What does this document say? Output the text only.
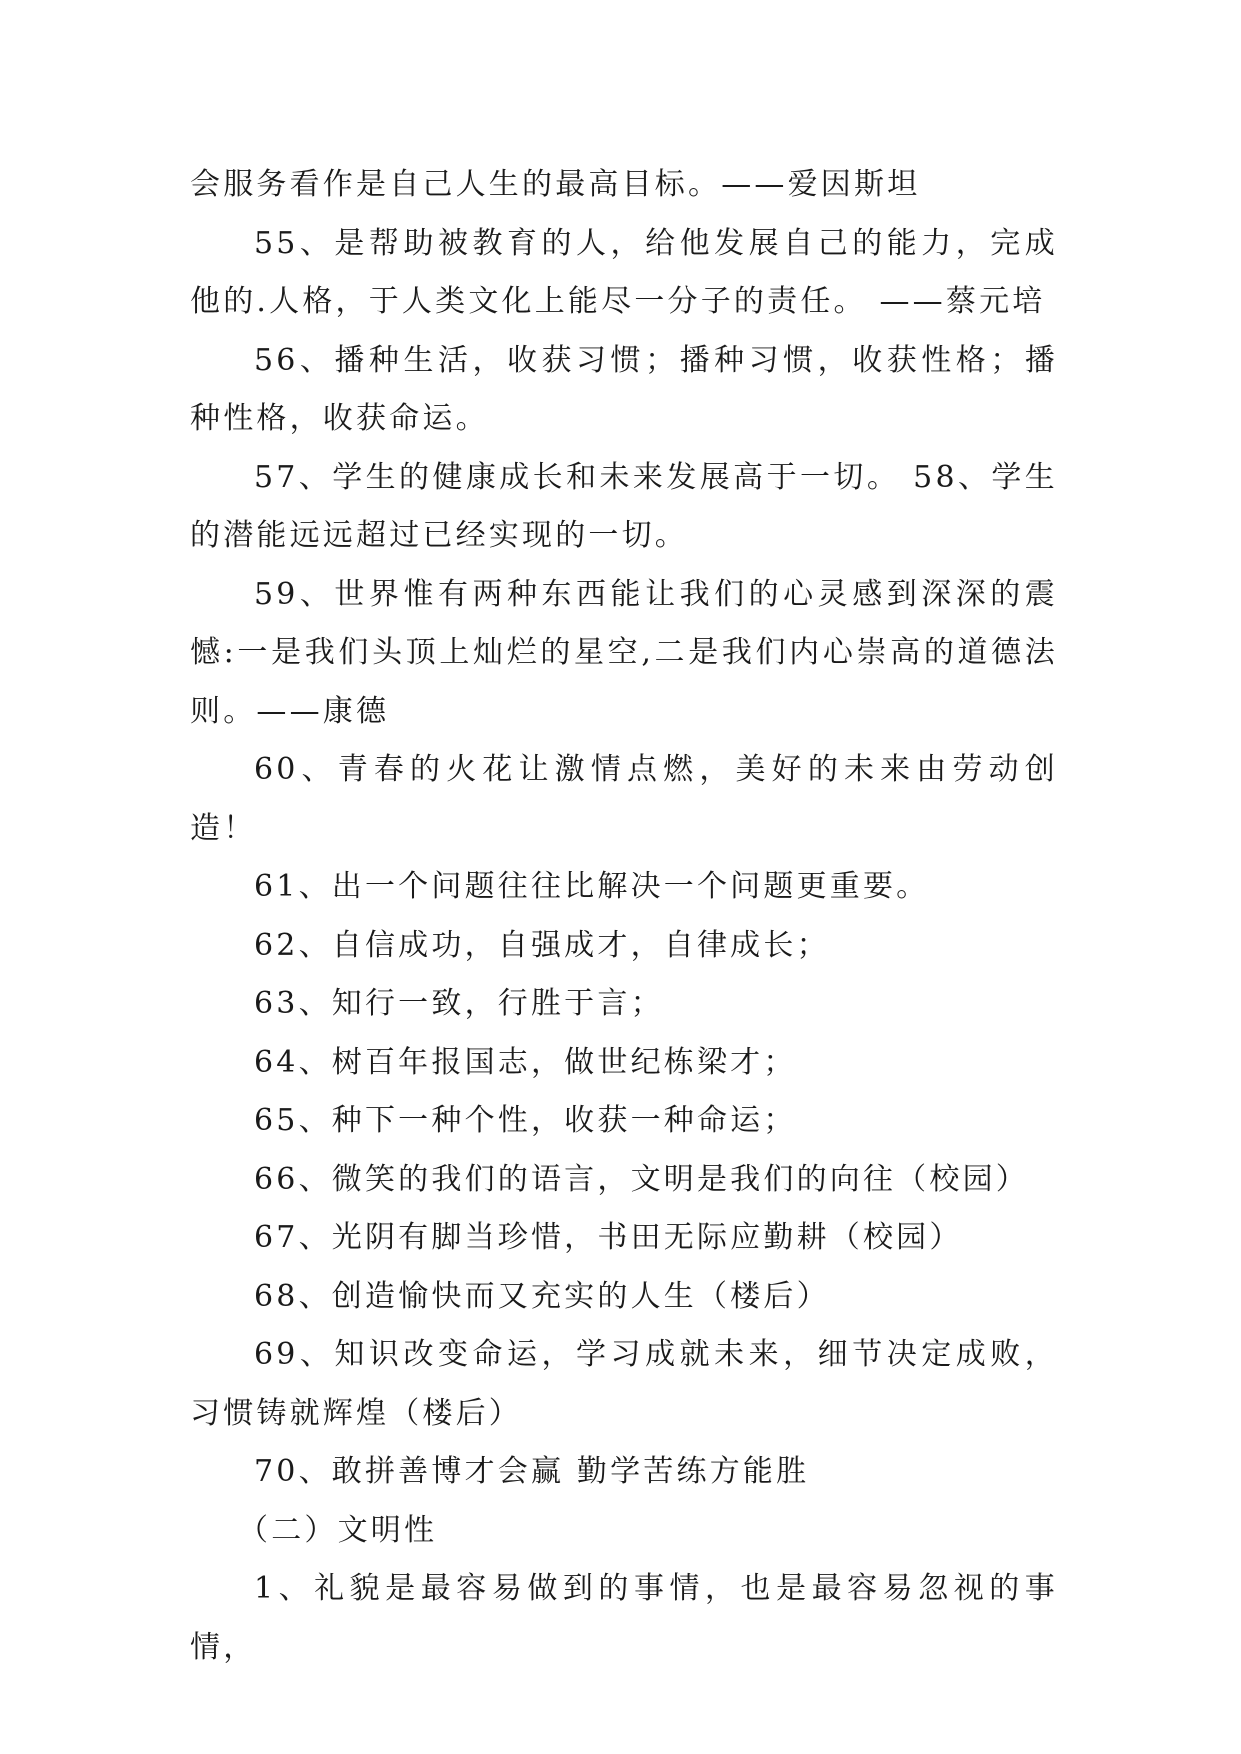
会服务看作是自己人生的最高目标。——爱因斯坦

55、是帮助被教育的人，给他发展自己的能力，完成他的.人格，于人类文化上能尽一分子的责任。 ——蔡元培

56、播种生活，收获习惯；播种习惯，收获性格；播种性格，收获命运。

57、学生的健康成长和未来发展高于一切。 58、学生的潜能远远超过已经实现的一切。

59、世界惟有两种东西能让我们的心灵感到深深的震憾:一是我们头顶上灿烂的星空,二是我们内心崇高的道德法则。——康德

60、青春的火花让激情点燃，美好的未来由劳动创造！

61、出一个问题往往比解决一个问题更重要。

62、自信成功，自强成才，自律成长；

63、知行一致，行胜于言；

64、树百年报国志，做世纪栋梁才；

65、种下一种个性，收获一种命运；

66、微笑的我们的语言，文明是我们的向往（校园）

67、光阴有脚当珍惜，书田无际应勤耕（校园）

68、创造愉快而又充实的人生（楼后）

69、知识改变命运，学习成就未来，细节决定成败，习惯铸就辉煌（楼后）

70、敢拼善博才会赢 勤学苦练方能胜

（二）文明性

1、礼貌是最容易做到的事情，也是最容易忽视的事情，
